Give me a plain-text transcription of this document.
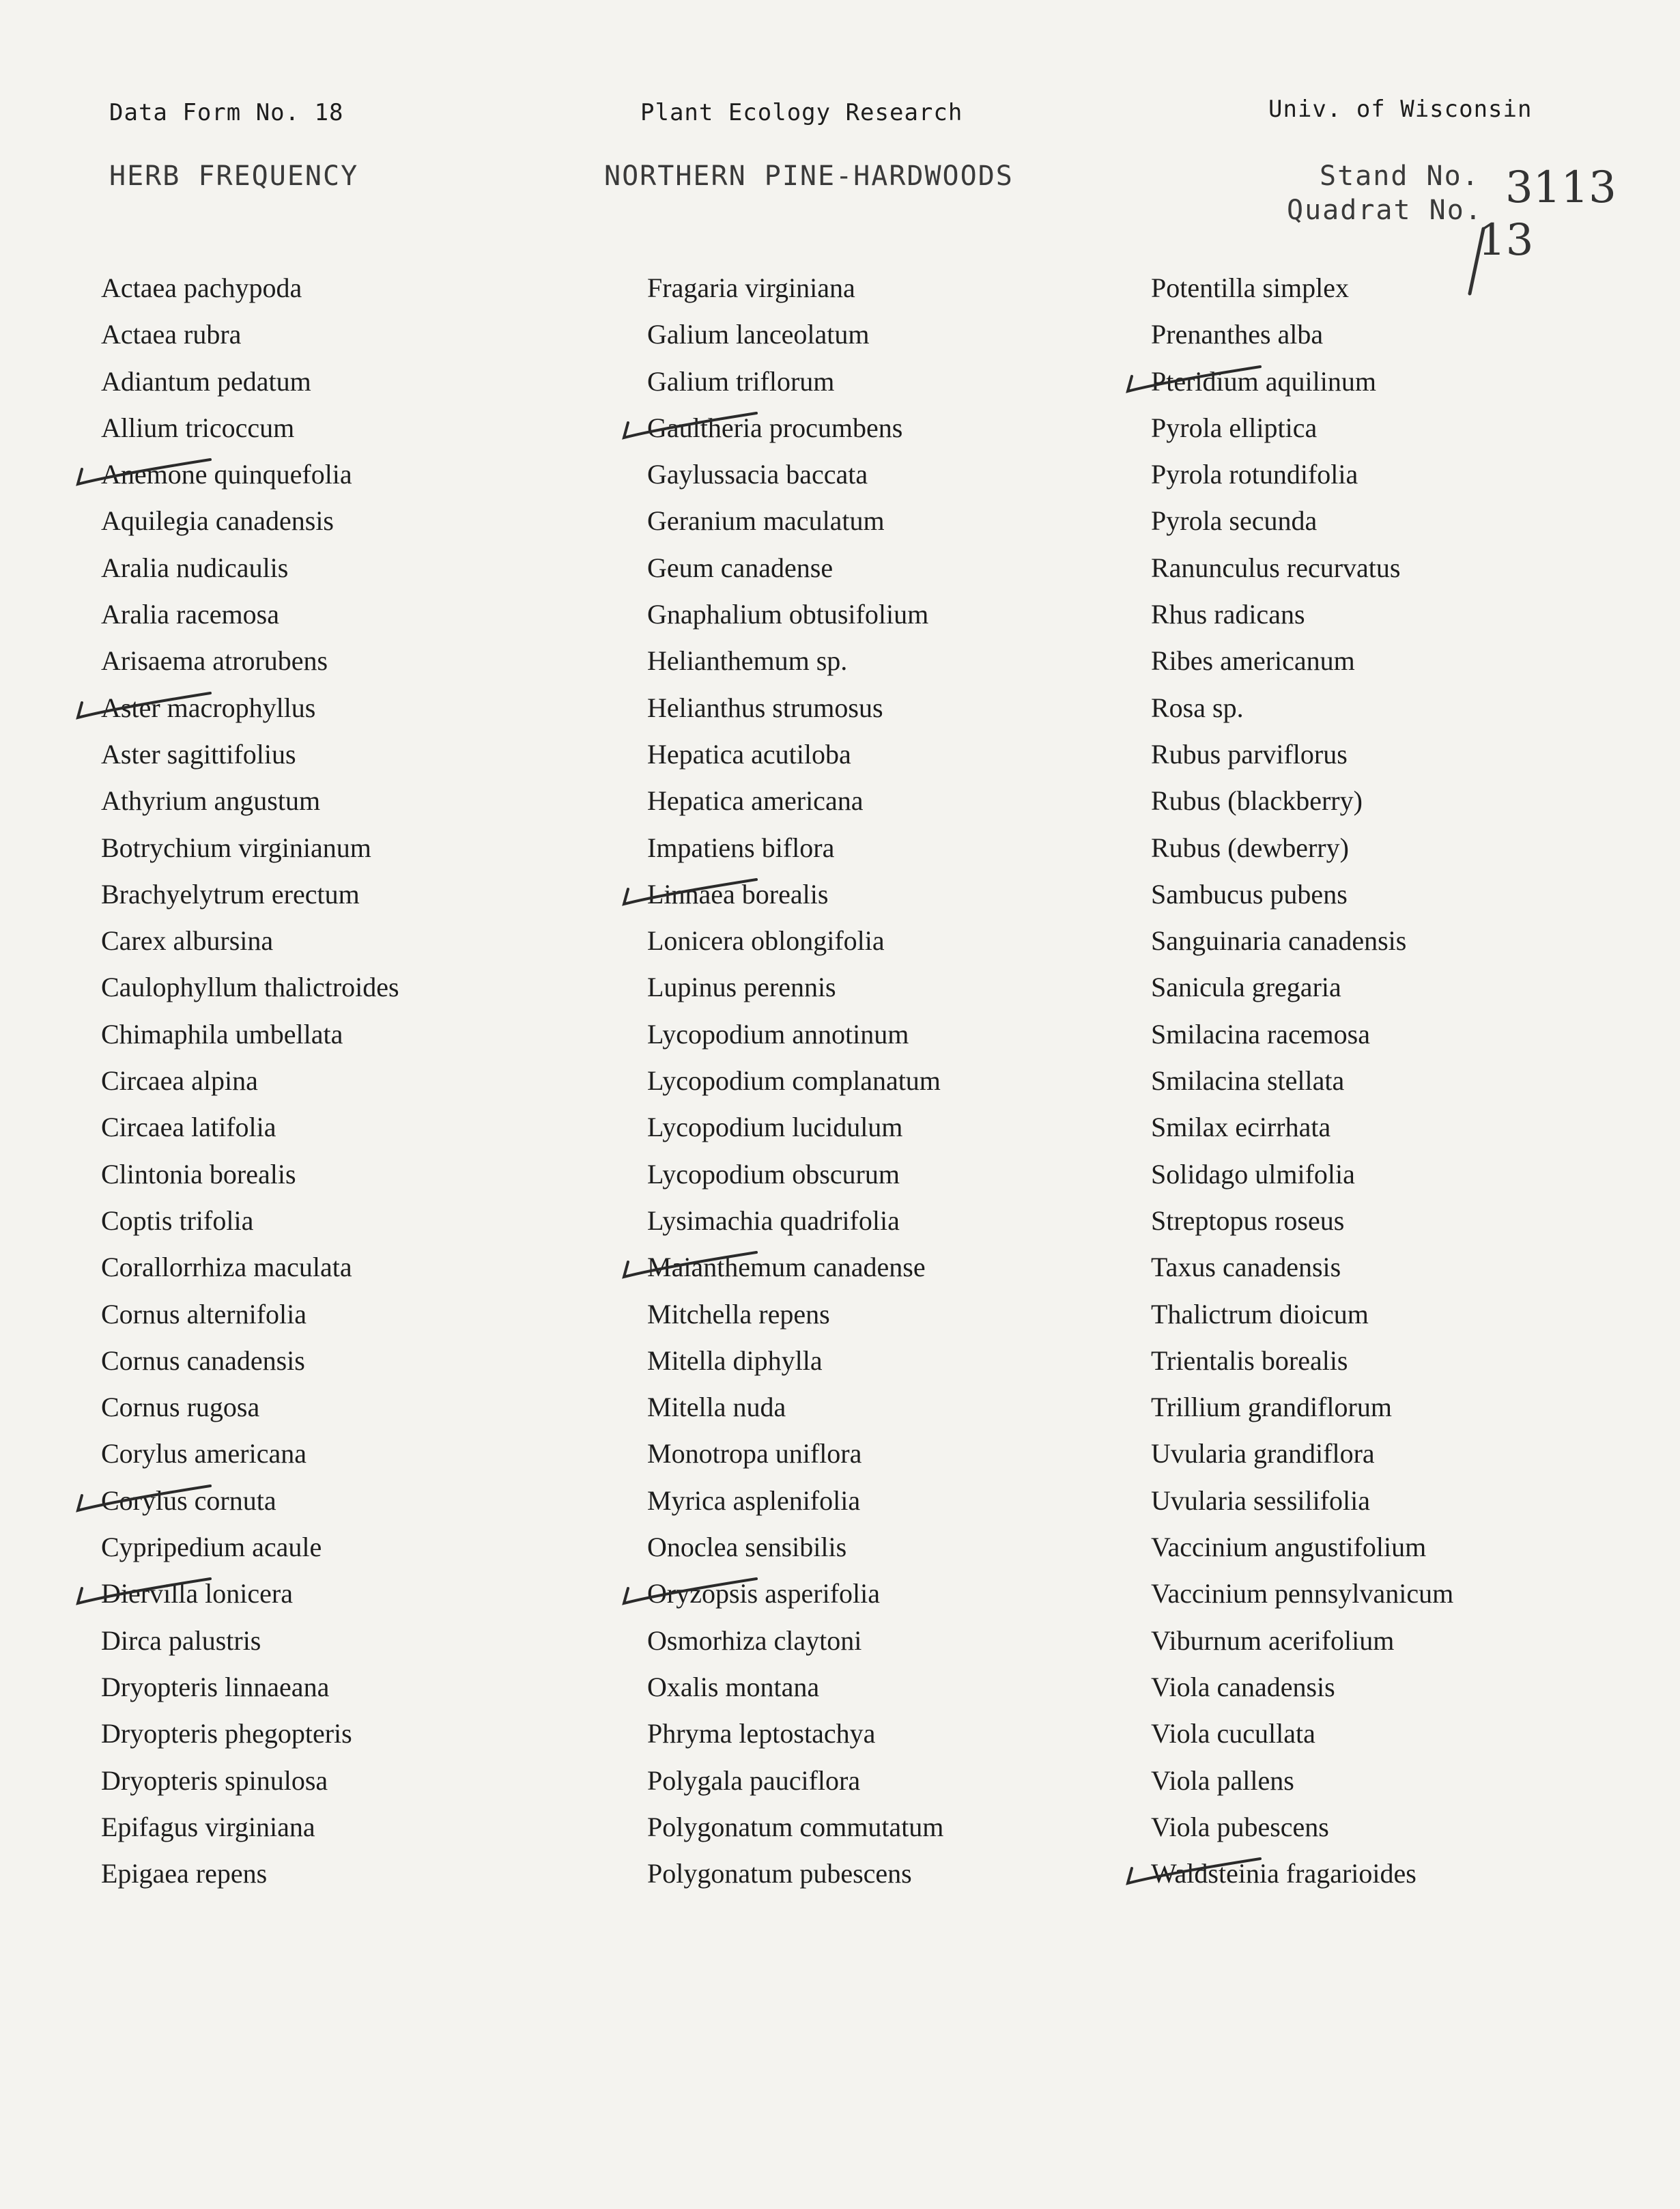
Data Form No. 18	Plant Ecology Research	Univ. of Wisconsin
HERB FREQUENCY	NORTHERN PINE-HARDWOODS	Stand No.
Quadrat No. 3113
13
Actaea pachypoda
Actaea rubra
Adiantum pedatum
Allium tricoccum
Anemone quinquefolia
Aquilegia canadensis
Aralia nudicaulis
Aralia racemosa
Arisaema atrorubens
Aster macrophyllus
Aster sagittifolius
Athyrium angustum
Botrychium virginianum
Brachyelytrum erectum
Carex albursina
Caulophyllum thalictroides
Chimaphila umbellata
Circaea alpina
Circaea latifolia
Clintonia borealis
Coptis trifolia
Corallorrhiza maculata
Cornus alternifolia
Cornus canadensis
Cornus rugosa
Corylus americana
Corylus cornuta
Cypripedium acaule
Diervilla lonicera
Dirca palustris
Dryopteris linnaeana
Dryopteris phegopteris
Dryopteris spinulosa
Epifagus virginiana
Epigaea repens
Fragaria virginiana
Galium lanceolatum
Galium triflorum
Gaultheria procumbens
Gaylussacia baccata
Geranium maculatum
Geum canadense
Gnaphalium obtusifolium
Helianthemum sp.
Helianthus strumosus
Hepatica acutiloba
Hepatica americana
Impatiens biflora
Linnaea borealis
Lonicera oblongifolia
Lupinus perennis
Lycopodium annotinum
Lycopodium complanatum
Lycopodium lucidulum
Lycopodium obscurum
Lysimachia quadrifolia
Maianthemum canadense
Mitchella repens
Mitella diphylla
Mitella nuda
Monotropa uniflora
Myrica asplenifolia
Onoclea sensibilis
Oryzopsis asperifolia
Osmorhiza claytoni
Oxalis montana
Phryma leptostachya
Polygala pauciflora
Polygonatum commutatum
Polygonatum pubescens
Potentilla simplex
Prenanthes alba
Pteridium aquilinum
Pyrola elliptica
Pyrola rotundifolia
Pyrola secunda
Ranunculus recurvatus
Rhus radicans
Ribes americanum
Rosa sp.
Rubus parviflorus
Rubus (blackberry)
Rubus (dewberry)
Sambucus pubens
Sanguinaria canadensis
Sanicula gregaria
Smilacina racemosa
Smilacina stellata
Smilax ecirrhata
Solidago ulmifolia
Streptopus roseus
Taxus canadensis
Thalictrum dioicum
Trientalis borealis
Trillium grandiflorum
Uvularia grandiflora
Uvularia sessilifolia
Vaccinium angustifolium
Vaccinium pennsylvanicum
Viburnum acerifolium
Viola canadensis
Viola cucullata
Viola pallens
Viola pubescens
Waldsteinia fragarioides
